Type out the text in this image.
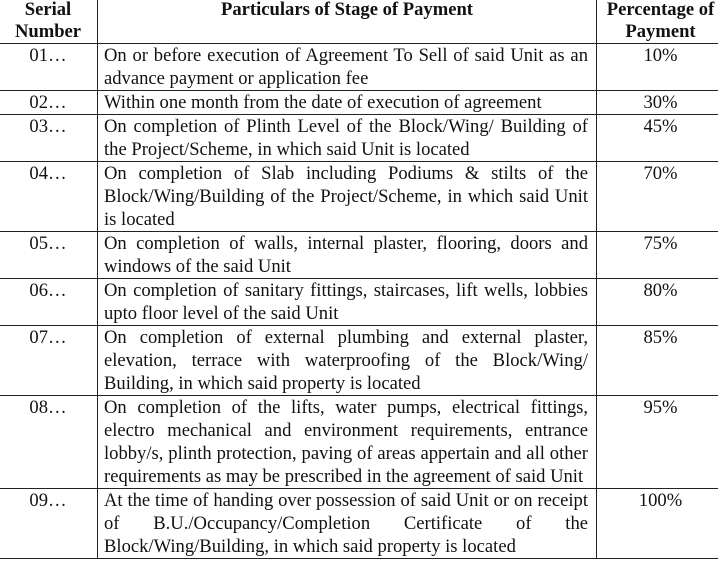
Serial Number	Particulars of Stage of Payment	Percentage of Payment
01…	On or before execution of Agreement To Sell of said Unit as an advance payment or application fee	10%
02…	Within one month from the date of execution of agreement	30%
03…	On completion of Plinth Level of the Block/Wing/ Building of the Project/Scheme, in which said Unit is located	45%
04…	On completion of Slab including Podiums & stilts of the Block/Wing/Building of the Project/Scheme, in which said Unit is located	70%
05…	On completion of walls, internal plaster, flooring, doors and windows of the said Unit	75%
06…	On completion of sanitary fittings, staircases, lift wells, lobbies upto floor level of the said Unit	80%
07…	On completion of external plumbing and external plaster, elevation, terrace with waterproofing of the Block/Wing/ Building, in which said property is located	85%
08…	On completion of the lifts, water pumps, electrical fittings, electro mechanical and environment requirements, entrance lobby/s, plinth protection, paving of areas appertain and all other requirements as may be prescribed in the agreement of said Unit	95%
09…	At the time of handing over possession of said Unit or on receipt of B.U./Occupancy/Completion Certificate of the Block/Wing/Building, in which said property is located	100%
